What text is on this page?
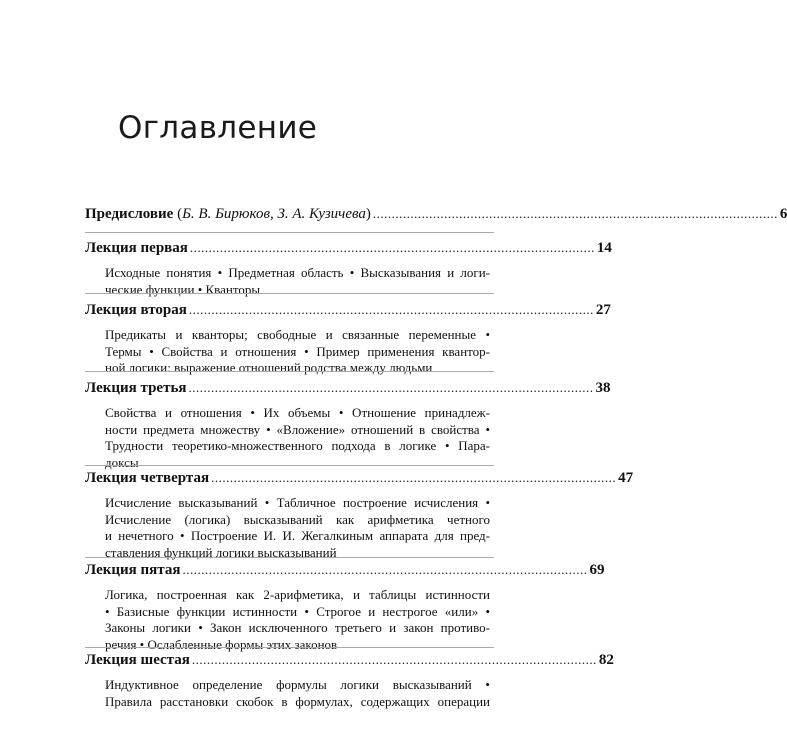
Оглавление
Предисловие (Б. В. Бирюков, З. А. Кузичева) ............................................................................................................ 6
Лекция первая ............................................................................................................ 14
Исходные понятия • Предметная область • Высказывания и логи-
ческие функции • Кванторы
Лекция вторая ............................................................................................................ 27
Предикаты и кванторы; свободные и связанные переменные •
Термы • Свойства и отношения • Пример применения квантор-
ной логики: выражение отношений родства между людьми
Лекция третья ............................................................................................................ 38
Свойства и отношения • Их объемы • Отношение принадлеж-
ности предмета множеству • «Вложение» отношений в свойства •
Трудности теоретико-множественного подхода в логике • Пара-
доксы
Лекция четвертая ............................................................................................................ 47
Исчисление высказываний • Табличное построение исчисления •
Исчисление (логика) высказываний как арифметика четного
и нечетного • Построение И. И. Жегалкиным аппарата для пред-
ставления функций логики высказываний
Лекция пятая ............................................................................................................ 69
Логика, построенная как 2-арифметика, и таблицы истинности
• Базисные функции истинности • Строгое и нестрогое «или» •
Законы логики • Закон исключенного третьего и закон противо-
речия • Ослабленные формы этих законов
Лекция шестая ............................................................................................................ 82
Индуктивное определение формулы логики высказываний •
Правила расстановки скобок в формулах, содержащих операции
